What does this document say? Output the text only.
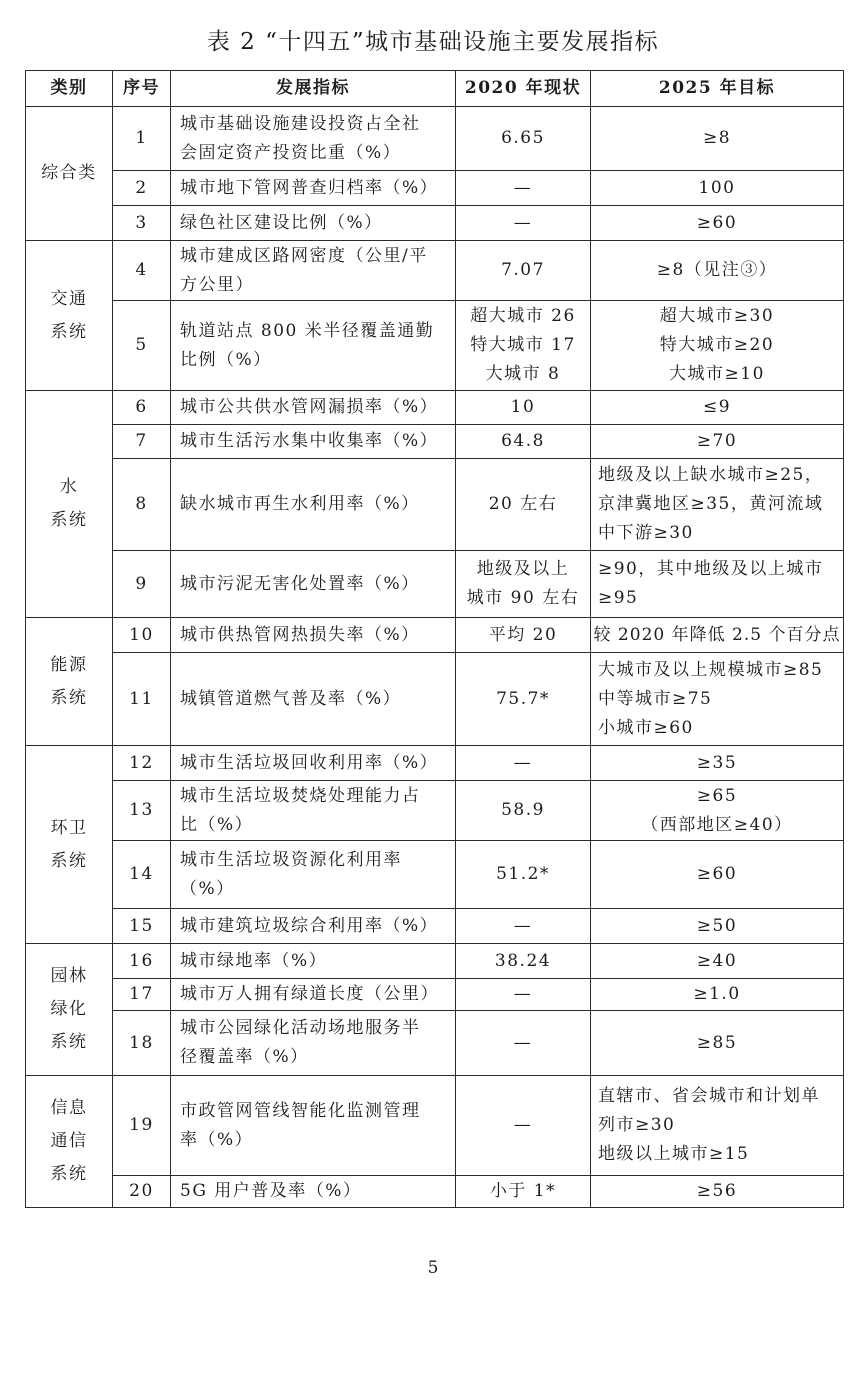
表 2 “十四五”城市基础设施主要发展指标
类别	序号	发展指标	2020 年现状	2025 年目标

综合类	1	城市基础设施建设投资占全社
会固定资产投资比重（%）	6.65	≥8

	2	城市地下管网普查归档率（%）	—	100

	3	绿色社区建设比例（%）	—	≥60

交通
系统	4	城市建成区路网密度（公里/平
方公里）	7.07	≥8（见注③）

	5	轨道站点 800 米半径覆盖通勤
比例（%）	超大城市 26
特大城市 17
大城市 8	超大城市≥30
特大城市≥20
大城市≥10

水
系统	6	城市公共供水管网漏损率（%）	10	≤9

	7	城市生活污水集中收集率（%）	64.8	≥70

	8	缺水城市再生水利用率（%）	20 左右	地级及以上缺水城市≥25，
京津冀地区≥35，黄河流域
中下游≥30

	9	城市污泥无害化处置率（%）	地级及以上
城市 90 左右	≥90，其中地级及以上城市
≥95

能源
系统	10	城市供热管网热损失率（%）	平均 20	较 2020 年降低 2.5 个百分点

	11	城镇管道燃气普及率（%）	75.7*	大城市及以上规模城市≥85
中等城市≥75
小城市≥60

环卫
系统	12	城市生活垃圾回收利用率（%）	—	≥35

	13	城市生活垃圾焚烧处理能力占
比（%）	58.9	≥65
（西部地区≥40）

	14	城市生活垃圾资源化利用率
（%）	51.2*	≥60

	15	城市建筑垃圾综合利用率（%）	—	≥50

园林
绿化
系统	16	城市绿地率（%）	38.24	≥40

	17	城市万人拥有绿道长度（公里）	—	≥1.0

	18	城市公园绿化活动场地服务半
径覆盖率（%）	—	≥85

信息
通信
系统	19	市政管网管线智能化监测管理
率（%）	—	直辖市、省会城市和计划单
列市≥30
地级以上城市≥15

	20	5G 用户普及率（%）	小于 1*	≥56
5
